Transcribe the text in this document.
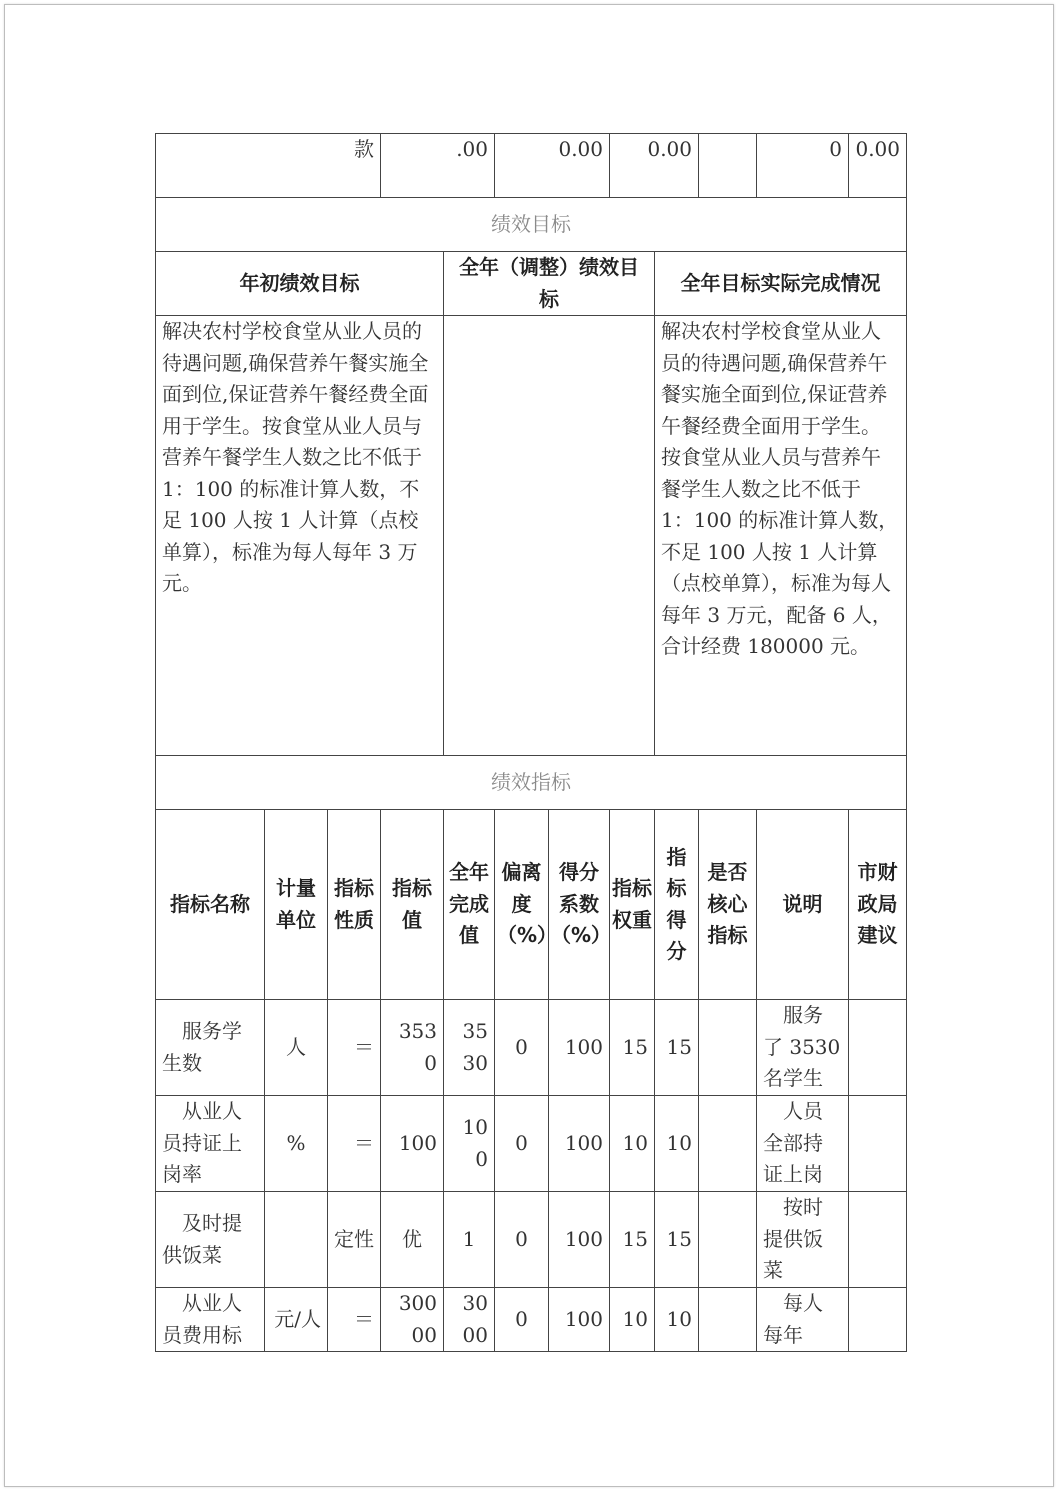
款			.00		0.00		0.00			0	0.00
绩效目标											
年初绩效目标				全年（调整）绩效目标				全年目标实际完成情况			
解决农村学校食堂从业人员的待遇问题,确保营养午餐实施全面到位,保证营养午餐经费全面用于学生。按食堂从业人员与营养午餐学生人数之比不低于 1：100 的标准计算人数，不足 100 人按 1 人计算（点校单算），标准为每人每年 3 万元。								解决农村学校食堂从业人员的待遇问题,确保营养午餐实施全面到位,保证营养午餐经费全面用于学生。按食堂从业人员与营养午餐学生人数之比不低于 1：100 的标准计算人数，不足 100 人按 1 人计算（点校单算），标准为每人每年 3 万元，配备 6 人，合计经费 180000 元。			
绩效指标											
指标名称	计量单位	指标性质	指标值	全年完成值	偏离度（%）	得分系数（%）	指标权重	指标得分	是否核心指标	说明	市财政局建议
服务学生数	人	＝	3530	3530	0	100	15	15		服务了 3530 名学生	
从业人员持证上岗率	%	＝	100	100	0	100	10	10		人员全部持证上岗	
及时提供饭菜		定性	优	1	0	100	15	15		按时提供饭菜	
从业人员费用标	元/人	＝	30000	3000	0	100	10	10		每人每年	
